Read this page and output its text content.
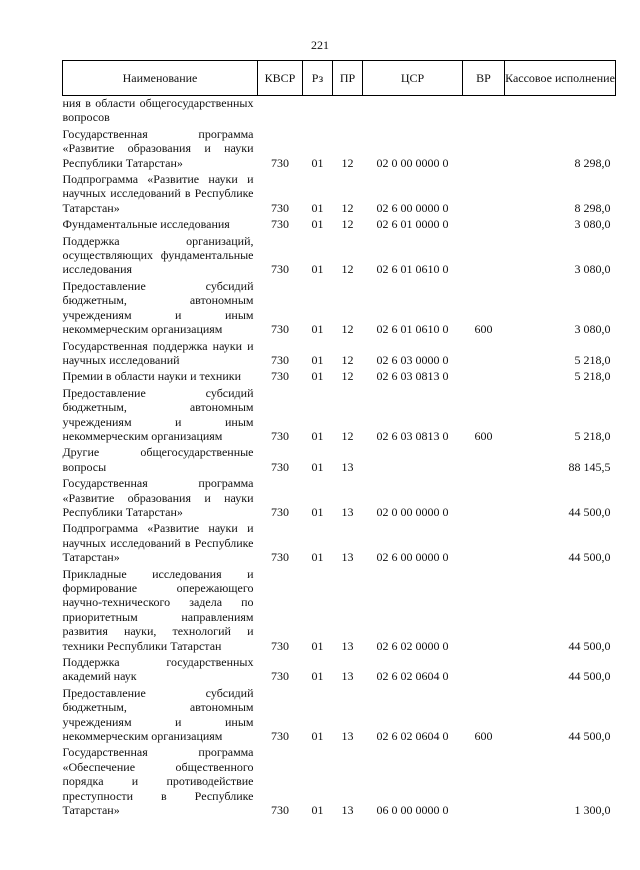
221
Наименование	КВСР	Рз	ПР	ЦСР	ВР	Кассовое исполнение
ния в области общегосударственных вопросов						
Государственная программа «Развитие образования и науки Республики Татарстан»	730	01	12	02 0 00 0000 0		8 298,0
Подпрограмма «Развитие науки и научных исследований в Республике Татарстан»	730	01	12	02 6 00 0000 0		8 298,0
Фундаментальные исследования	730	01	12	02 6 01 0000 0		3 080,0
Поддержка организаций, осуществляющих фундаментальные исследования	730	01	12	02 6 01 0610 0		3 080,0
Предоставление субсидий бюджетным, автономным учреждениям и иным некоммерческим организациям	730	01	12	02 6 01 0610 0	600	3 080,0
Государственная поддержка науки и научных исследований	730	01	12	02 6 03 0000 0		5 218,0
Премии в области науки и техники	730	01	12	02 6 03 0813 0		5 218,0
Предоставление субсидий бюджетным, автономным учреждениям и иным некоммерческим организациям	730	01	12	02 6 03 0813 0	600	5 218,0
Другие общегосударственные вопросы	730	01	13			88 145,5
Государственная программа «Развитие образования и науки Республики Татарстан»	730	01	13	02 0 00 0000 0		44 500,0
Подпрограмма «Развитие науки и научных исследований в Республике Татарстан»	730	01	13	02 6 00 0000 0		44 500,0
Прикладные исследования и формирование опережающего научно-технического задела по приоритетным направлениям развития науки, технологий и техники Республики Татарстан	730	01	13	02 6 02 0000 0		44 500,0
Поддержка государственных академий наук	730	01	13	02 6 02 0604 0		44 500,0
Предоставление субсидий бюджетным, автономным учреждениям и иным некоммерческим организациям	730	01	13	02 6 02 0604 0	600	44 500,0
Государственная программа «Обеспечение общественного порядка и противодействие преступности в Республике Татарстан»	730	01	13	06 0 00 0000 0		1 300,0
